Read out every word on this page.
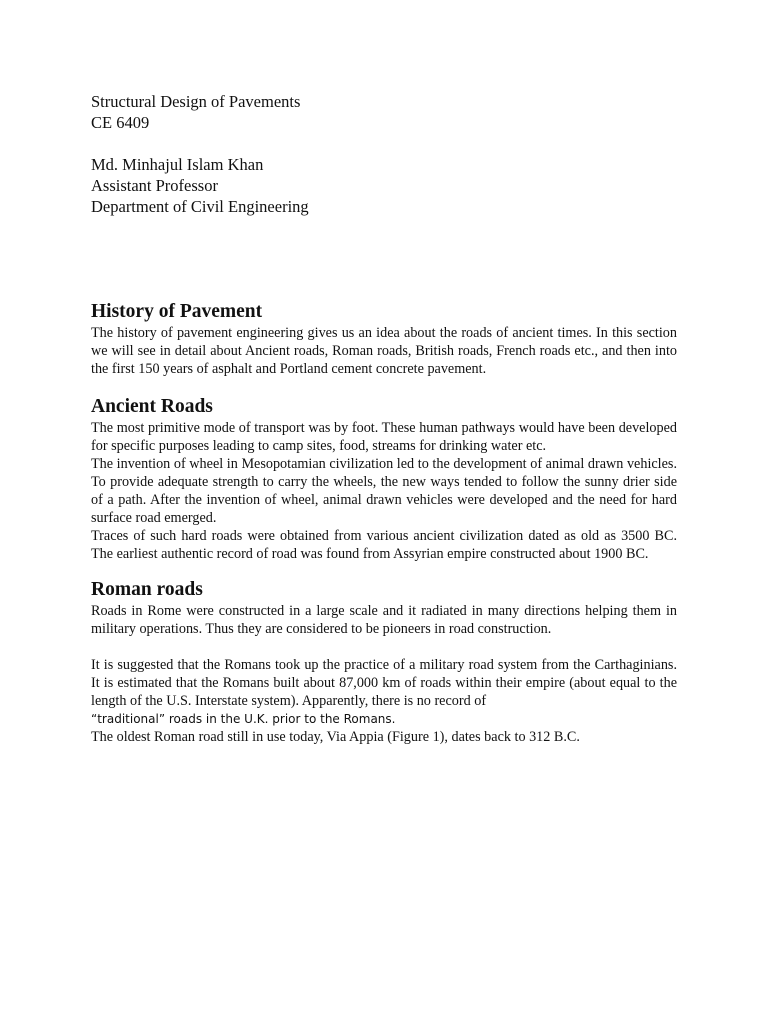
Structural Design of Pavements

CE 6409

Md. Minhajul Islam Khan

Assistant Professor

Department of Civil Engineering

History of Pavement

The history of pavement engineering gives us an idea about the roads of ancient times. In this section we will see in detail about Ancient roads, Roman roads, British roads, French roads etc., and then into the first 150 years of asphalt and Portland cement concrete pavement.

Ancient Roads

The most primitive mode of transport was by foot. These human pathways would have been developed for specific purposes leading to camp sites, food, streams for drinking water etc.

The invention of wheel in Mesopotamian civilization led to the development of animal drawn vehicles. To provide adequate strength to carry the wheels, the new ways tended to follow the sunny drier side of a path. After the invention of wheel, animal drawn vehicles were developed and the need for hard surface road emerged.

Traces of such hard roads were obtained from various ancient civilization dated as old as 3500 BC. The earliest authentic record of road was found from Assyrian empire constructed about 1900 BC.

Roman roads

Roads in Rome were constructed in a large scale and it radiated in many directions helping them in military operations. Thus they are considered to be pioneers in road construction.

It is suggested that the Romans took up the practice of a military road system from the Carthaginians. It is estimated that the Romans built about 87,000 km of roads within their empire (about equal to the length of the U.S. Interstate system). Apparently, there is no record of

“traditional” roads in the U.K. prior to the Romans.

The oldest Roman road still in use today, Via Appia (Figure 1), dates back to 312 B.C.
